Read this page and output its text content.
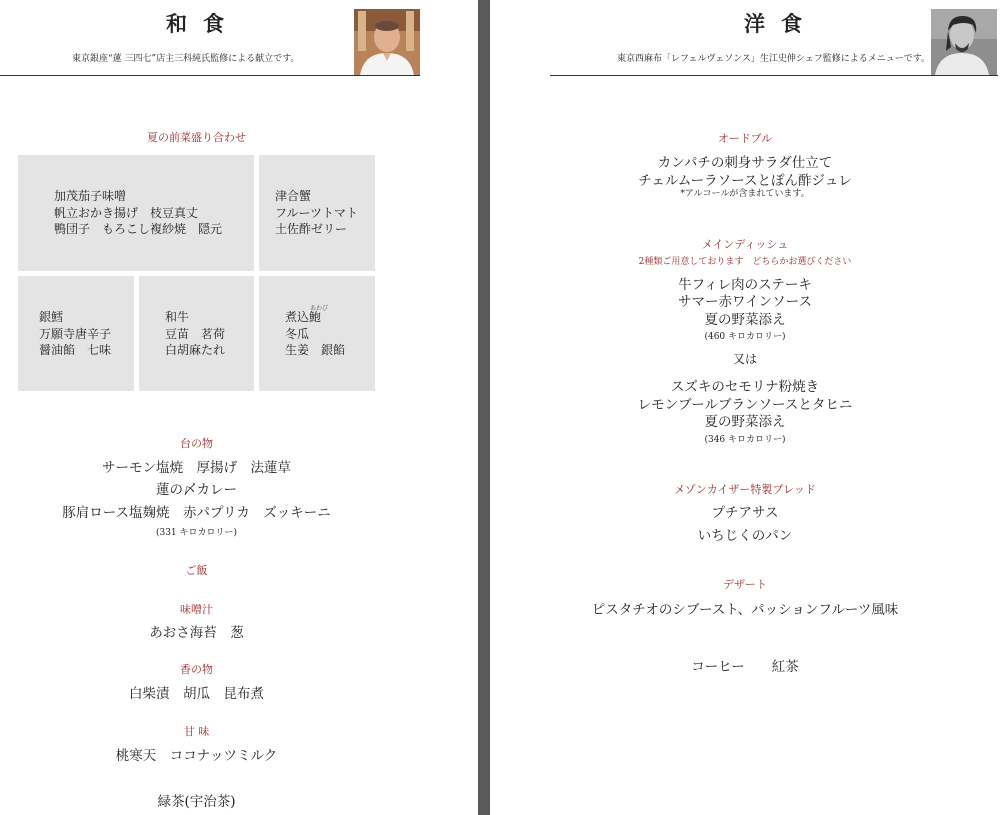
和食
東京銀座“蓮 三四七”店主三科純氏監修による献立です。
夏の前菜盛り合わせ
加茂茄子味噌
帆立おかき揚げ　枝豆真丈
鴨団子　もろこし複紗焼　隠元
津合蟹
フルーツトマト
土佐酢ゼリー
銀鱈
万願寺唐辛子
醤油餡　七味
和牛
豆苗　茗荷
白胡麻たれ
あわび
煮込鮑
冬瓜
生姜　銀餡
台の物
サーモン塩焼　厚揚げ　法蓮草
蓮の〆カレー
豚肩ロース塩麹焼　赤パプリカ　ズッキーニ
(331 キロカロリー)
ご飯
味噌汁
あおさ海苔　葱
香の物
白柴漬　胡瓜　昆布煮
甘 味
桃寒天　ココナッツミルク
緑茶(宇治茶)
洋食
東京西麻布「レフェルヴェソンス」生江史伸シェフ監修によるメニューです。
オードブル
カンパチの刺身サラダ仕立て
チェルムーラソースとぽん酢ジュレ
*アルコールが含まれています。
メインディッシュ
2種類ご用意しております　どちらかお選びください
牛フィレ肉のステーキ
サマー赤ワインソース
夏の野菜添え
(460 キロカロリー)
又は
スズキのセモリナ粉焼き
レモンブールブランソースとタヒニ
夏の野菜添え
(346 キロカロリー)
メゾンカイザー特製ブレッド
プチアサス
いちじくのパン
デザート
ピスタチオのシブースト、パッションフルーツ風味
コーヒー　　紅茶
